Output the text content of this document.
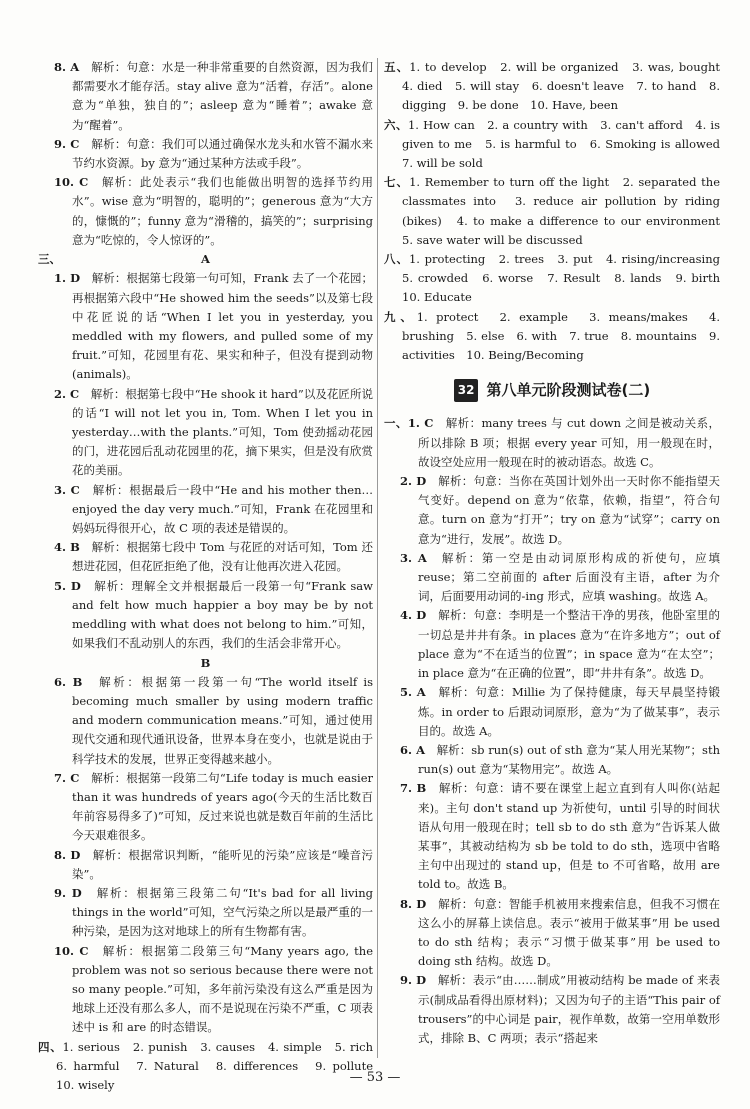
8. A　解析：句意：水是一种非常重要的自然资源，因为我们都需要水才能存活。stay alive 意为“活着，存活”。alone 意为“单独，独自的”；asleep 意为“睡着”；awake 意为“醒着”。

9. C　解析：句意：我们可以通过确保水龙头和水管不漏水来节约水资源。by 意为“通过某种方法或手段”。

10. C　解析：此处表示“我们也能做出明智的选择节约用水”。wise 意为“明智的，聪明的”；generous 意为“大方的，慷慨的”；funny 意为“滑稽的，搞笑的”；surprising 意为“吃惊的，令人惊讶的”。

三、	A

1. D　解析：根据第七段第一句可知，Frank 去了一个花园；再根据第六段中“He showed him the seeds”以及第七段中花匠说的话“When I let you in yesterday, you meddled with my flowers, and pulled some of my fruit.”可知，花园里有花、果实和种子，但没有提到动物(animals)。

2. C　解析：根据第七段中“He shook it hard”以及花匠所说的话“I will not let you in, Tom. When I let you in yesterday…with the plants.”可知，Tom 使劲摇动花园的门，进花园后乱动花园里的花，摘下果实，但是没有欣赏花的美丽。

3. C　解析：根据最后一段中“He and his mother then… enjoyed the day very much.”可知，Frank 在花园里和妈妈玩得很开心，故 C 项的表述是错误的。

4. B　解析：根据第七段中 Tom 与花匠的对话可知，Tom 还想进花园，但花匠拒绝了他，没有让他再次进入花园。

5. D　解析：理解全文并根据最后一段第一句“Frank saw and felt how much happier a boy may be by not meddling with what does not belong to him.”可知，如果我们不乱动别人的东西，我们的生活会非常开心。

B

6. B　解析：根据第一段第一句“The world itself is becoming much smaller by using modern traffic and modern communication means.”可知，通过使用现代交通和现代通讯设备，世界本身在变小，也就是说由于科学技术的发展，世界正变得越来越小。

7. C　解析：根据第一段第二句“Life today is much easier than it was hundreds of years ago(今天的生活比数百年前容易得多了)”可知，反过来说也就是数百年前的生活比今天艰难很多。

8. D　解析：根据常识判断，“能听见的污染”应该是“噪音污染”。

9. D　解析：根据第三段第二句“It's bad for all living things in the world”可知，空气污染之所以是最严重的一种污染，是因为这对地球上的所有生物都有害。

10. C　解析：根据第二段第三句“Many years ago, the problem was not so serious because there were not so many people.”可知，多年前污染没有这么严重是因为地球上还没有那么多人，而不是说现在污染不严重，C 项表述中 is 和 are 的时态错误。

四、1. serious　2. punish　3. causes　4. simple　5. rich　6. harmful　7. Natural　8. differences　9. pollute　10. wisely

五、1. to develop　2. will be organized　3. was, bought　4. died　5. will stay　6. doesn't leave　7. to hand　8. digging　9. be done　10. Have, been

六、1. How can　2. a country with　3. can't afford　4. is given to me　5. is harmful to　6. Smoking is allowed　7. will be sold

七、1. Remember to turn off the light　2. separated the classmates into　3. reduce air pollution by riding (bikes)　4. to make a difference to our environment　5. save water will be discussed

八、1. protecting　2. trees　3. put　4. rising/increasing　5. crowded　6. worse　7. Result　8. lands　9. birth　10. Educate

九、1. protect　2. example　3. means/makes　4. brushing　5. else　6. with　7. true　8. mountains　9. activities　10. Being/Becoming

32 第八单元阶段测试卷(二)

一、1. C　解析：many trees 与 cut down 之间是被动关系，所以排除 B 项；根据 every year 可知，用一般现在时，故设空处应用一般现在时的被动语态。故选 C。

2. D　解析：句意：当你在英国计划外出一天时你不能指望天气变好。depend on 意为“依靠，依赖，指望”，符合句意。turn on 意为“打开”；try on 意为“试穿”；carry on 意为“进行，发展”。故选 D。

3. A　解析：第一空是由动词原形构成的祈使句，应填 reuse；第二空前面的 after 后面没有主语，after 为介词，后面要用动词的-ing 形式，应填 washing。故选 A。

4. D　解析：句意：李明是一个整洁干净的男孩，他卧室里的一切总是井井有条。in places 意为“在许多地方”；out of place 意为“不在适当的位置”；in space 意为“在太空”；in place 意为“在正确的位置”，即“井井有条”。故选 D。

5. A　解析：句意：Millie 为了保持健康，每天早晨坚持锻炼。in order to 后跟动词原形，意为“为了做某事”，表示目的。故选 A。

6. A　解析：sb run(s) out of sth 意为“某人用光某物”；sth run(s) out 意为“某物用完”。故选 A。

7. B　解析：句意：请不要在课堂上起立直到有人叫你(站起来)。主句 don't stand up 为祈使句，until 引导的时间状语从句用一般现在时；tell sb to do sth 意为“告诉某人做某事”，其被动结构为 sb be told to do sth，选项中省略主句中出现过的 stand up，但是 to 不可省略，故用 are told to。故选 B。

8. D　解析：句意：智能手机被用来搜索信息，但我不习惯在这么小的屏幕上读信息。表示“被用于做某事”用 be used to do sth 结构；表示“习惯于做某事”用 be used to doing sth 结构。故选 D。

9. D　解析：表示“由……制成”用被动结构 be made of 来表示(制成品看得出原材料)；又因为句子的主语“This pair of trousers”的中心词是 pair，视作单数，故第一空用单数形式，排除 B、C 两项；表示“搭起来

— 53 —
